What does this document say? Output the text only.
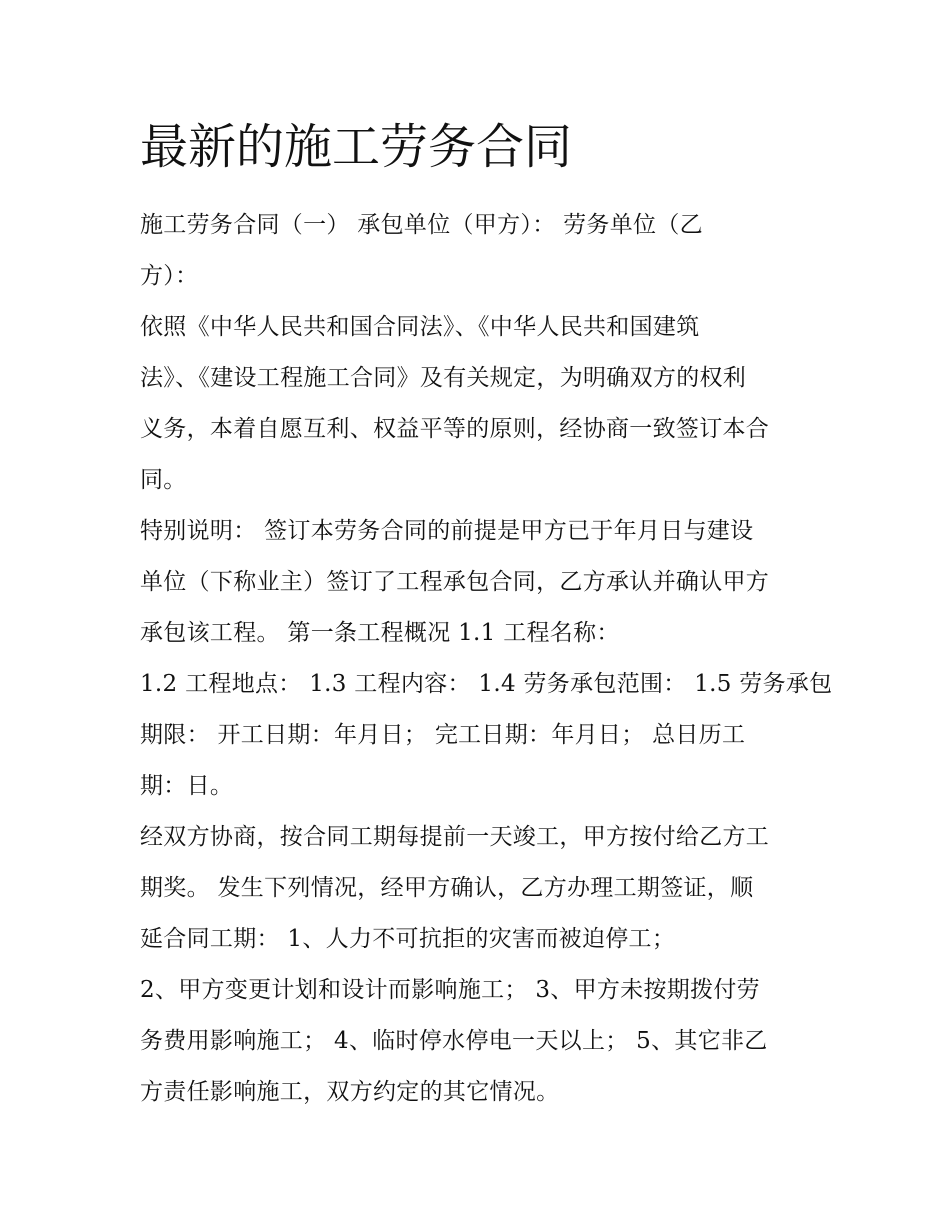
最新的施工劳务合同
施工劳务合同（一） 承包单位（甲方）： 劳务单位（乙
方）：
依照《中华人民共和国合同法》、《中华人民共和国建筑
法》、《建设工程施工合同》及有关规定，为明确双方的权利
义务，本着自愿互利、权益平等的原则，经协商一致签订本合
同。
特别说明： 签订本劳务合同的前提是甲方已于年月日与建设
单位（下称业主）签订了工程承包合同，乙方承认并确认甲方
承包该工程。 第一条工程概况 1.1 工程名称：
1.2 工程地点： 1.3 工程内容： 1.4 劳务承包范围： 1.5 劳务承包
期限： 开工日期：年月日； 完工日期：年月日； 总日历工
期：日。
经双方协商，按合同工期每提前一天竣工，甲方按付给乙方工
期奖。 发生下列情况，经甲方确认，乙方办理工期签证，顺
延合同工期： 1、人力不可抗拒的灾害而被迫停工；
2、甲方变更计划和设计而影响施工； 3、甲方未按期拨付劳
务费用影响施工； 4、临时停水停电一天以上； 5、其它非乙
方责任影响施工，双方约定的其它情况。
